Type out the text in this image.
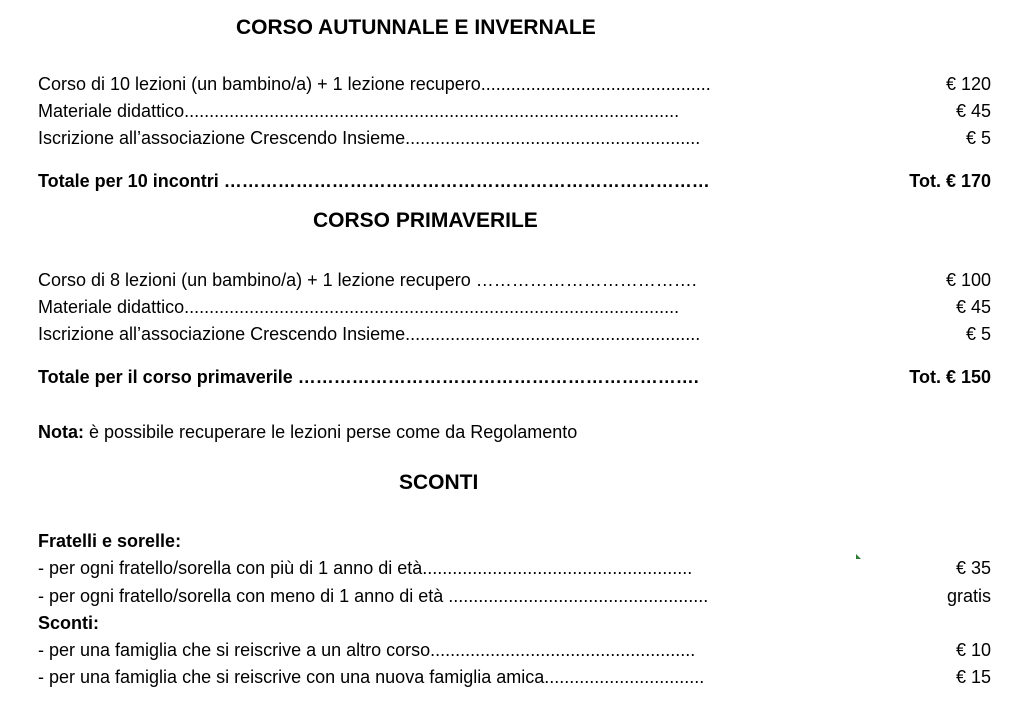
CORSO AUTUNNALE E INVERNALE
Corso di 10 lezioni (un bambino/a) + 1 lezione recupero..............................................	€ 120
Materiale didattico...................................................................................................	€ 45
Iscrizione all’associazione Crescendo Insieme...........................................................	€ 5
Totale per 10 incontri ………………………………………………………………………	Tot. € 170
CORSO PRIMAVERILE
Corso di 8 lezioni (un bambino/a) + 1 lezione recupero ……………………………….	€ 100
Materiale didattico...................................................................................................	€ 45
Iscrizione all’associazione Crescendo Insieme...........................................................	€ 5
Totale per il corso primaverile ………………………………………………………….	Tot. € 150
Nota: è possibile recuperare le lezioni perse come da Regolamento
SCONTI
Fratelli e sorelle:
- per ogni fratello/sorella con più di 1 anno di età......................................................	€ 35
- per ogni fratello/sorella con meno di 1 anno di età ....................................................	gratis
Sconti:
- per una famiglia che si reiscrive a un altro corso.....................................................	€ 10
- per una famiglia che si reiscrive con una nuova famiglia amica................................	€ 15
